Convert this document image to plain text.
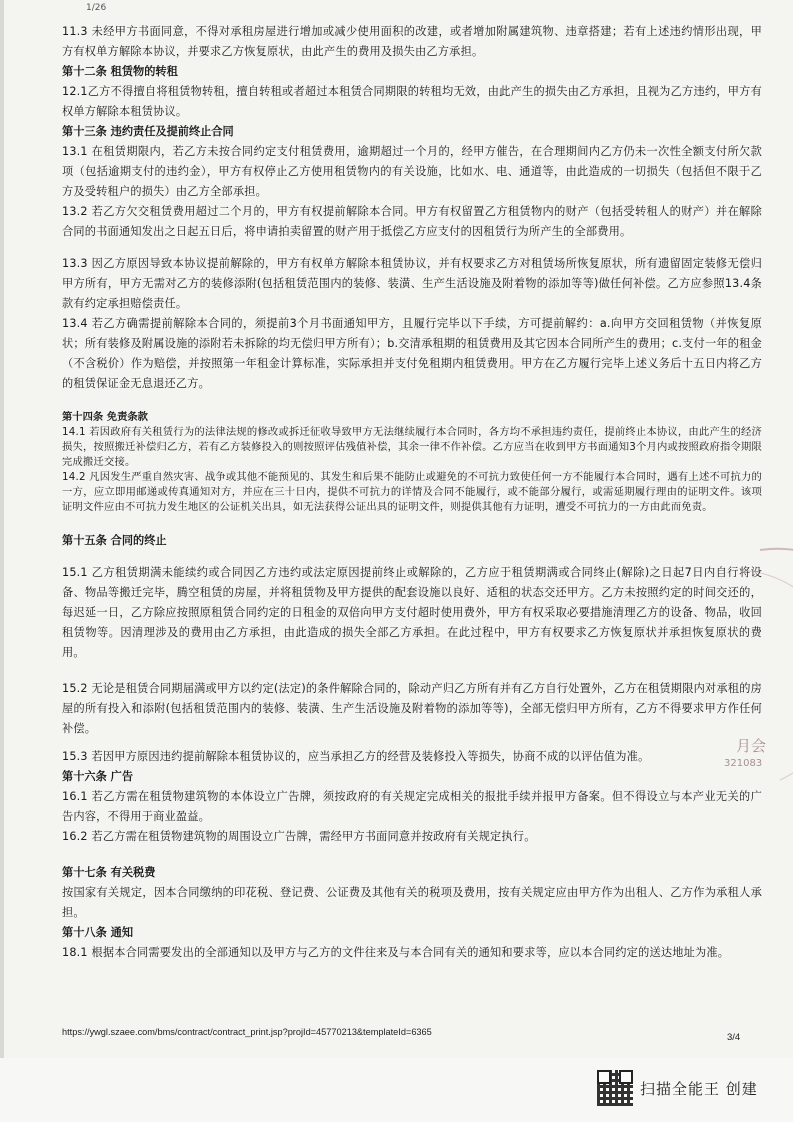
1/26

11.3 未经甲方书面同意，不得对承租房屋进行增加或减少使用面积的改建，或者增加附属建筑物、违章搭建；若有上述违约情形出现，甲方有权单方解除本协议，并要求乙方恢复原状，由此产生的费用及损失由乙方承担。

第十二条 租赁物的转租

12.1乙方不得擅自将租赁物转租，擅自转租或者超过本租赁合同期限的转租均无效，由此产生的损失由乙方承担，且视为乙方违约，甲方有权单方解除本租赁协议。

第十三条 违约责任及提前终止合同

13.1 在租赁期限内，若乙方未按合同约定支付租赁费用，逾期超过一个月的，经甲方催告，在合理期间内乙方仍未一次性全额支付所欠款项（包括逾期支付的违约金），甲方有权停止乙方使用租赁物内的有关设施，比如水、电、通道等，由此造成的一切损失（包括但不限于乙方及受转租户的损失）由乙方全部承担。

13.2 若乙方欠交租赁费用超过二个月的，甲方有权提前解除本合同。甲方有权留置乙方租赁物内的财产（包括受转租人的财产）并在解除合同的书面通知发出之日起五日后，将申请拍卖留置的财产用于抵偿乙方应支付的因租赁行为所产生的全部费用。

13.3 因乙方原因导致本协议提前解除的，甲方有权单方解除本租赁协议，并有权要求乙方对租赁场所恢复原状，所有遗留固定装修无偿归甲方所有，甲方无需对乙方的装修添附(包括租赁范围内的装修、装潢、生产生活设施及附着物的添加等等)做任何补偿。乙方应参照13.4条款有约定承担赔偿责任。

13.4 若乙方确需提前解除本合同的，须提前3个月书面通知甲方，且履行完毕以下手续，方可提前解约：a.向甲方交回租赁物（并恢复原状；所有装修及附属设施的添附若未拆除的均无偿归甲方所有）；b.交清承租期的租赁费用及其它因本合同所产生的费用；c.支付一年的租金（不含税价）作为赔偿，并按照第一年租金计算标准，实际承担并支付免租期内租赁费用。甲方在乙方履行完毕上述义务后十五日内将乙方的租赁保证金无息退还乙方。

第十四条 免责条款

14.1 若因政府有关租赁行为的法律法规的修改或拆迁征收导致甲方无法继续履行本合同时，各方均不承担违约责任，提前终止本协议，由此产生的经济损失，按照搬迁补偿归乙方，若有乙方装修投入的则按照评估残值补偿，其余一律不作补偿。乙方应当在收到甲方书面通知3个月内或按照政府指令期限完成搬迁交接。

14.2 凡因发生严重自然灾害、战争或其他不能预见的、其发生和后果不能防止或避免的不可抗力致使任何一方不能履行本合同时，遇有上述不可抗力的一方，应立即用邮递或传真通知对方，并应在三十日内，提供不可抗力的详情及合同不能履行，或不能部分履行，或需延期履行理由的证明文件。该项证明文件应由不可抗力发生地区的公证机关出具，如无法获得公证出具的证明文件，则提供其他有力证明，遭受不可抗力的一方由此而免责。

第十五条 合同的终止

15.1 乙方租赁期满未能续约或合同因乙方违约或法定原因提前终止或解除的，乙方应于租赁期满或合同终止(解除)之日起7日内自行将设备、物品等搬迁完毕，腾空租赁的房屋，并将租赁物及甲方提供的配套设施以良好、适租的状态交还甲方。乙方未按照约定的时间交还的，每迟延一日，乙方除应按照原租赁合同约定的日租金的双倍向甲方支付超时使用费外，甲方有权采取必要措施清理乙方的设备、物品，收回租赁物等。因清理涉及的费用由乙方承担，由此造成的损失全部乙方承担。在此过程中，甲方有权要求乙方恢复原状并承担恢复原状的费用。

15.2 无论是租赁合同期届满或甲方以约定(法定)的条件解除合同的，除动产归乙方所有并有乙方自行处置外，乙方在租赁期限内对承租的房屋的所有投入和添附(包括租赁范围内的装修、装潢、生产生活设施及附着物的添加等等)，全部无偿归甲方所有，乙方不得要求甲方作任何补偿。

15.3 若因甲方原因违约提前解除本租赁协议的，应当承担乙方的经营及装修投入等损失，协商不成的以评估值为准。

第十六条 广告

16.1 若乙方需在租赁物建筑物的本体设立广告牌，须按政府的有关规定完成相关的报批手续并报甲方备案。但不得设立与本产业无关的广告内容，不得用于商业盈益。

16.2 若乙方需在租赁物建筑物的周围设立广告牌，需经甲方书面同意并按政府有关规定执行。

第十七条 有关税费

按国家有关规定，因本合同缴纳的印花税、登记费、公证费及其他有关的税项及费用，按有关规定应由甲方作为出租人、乙方作为承租人承担。

第十八条 通知

18.1 根据本合同需要发出的全部通知以及甲方与乙方的文件往来及与本合同有关的通知和要求等，应以本合同约定的送达地址为准。

月会
321083
https://ywgl.szaee.com/bms/contract/contract_print.jsp?projId=45770213&templateId=6365	3/4
扫描全能王 创建
